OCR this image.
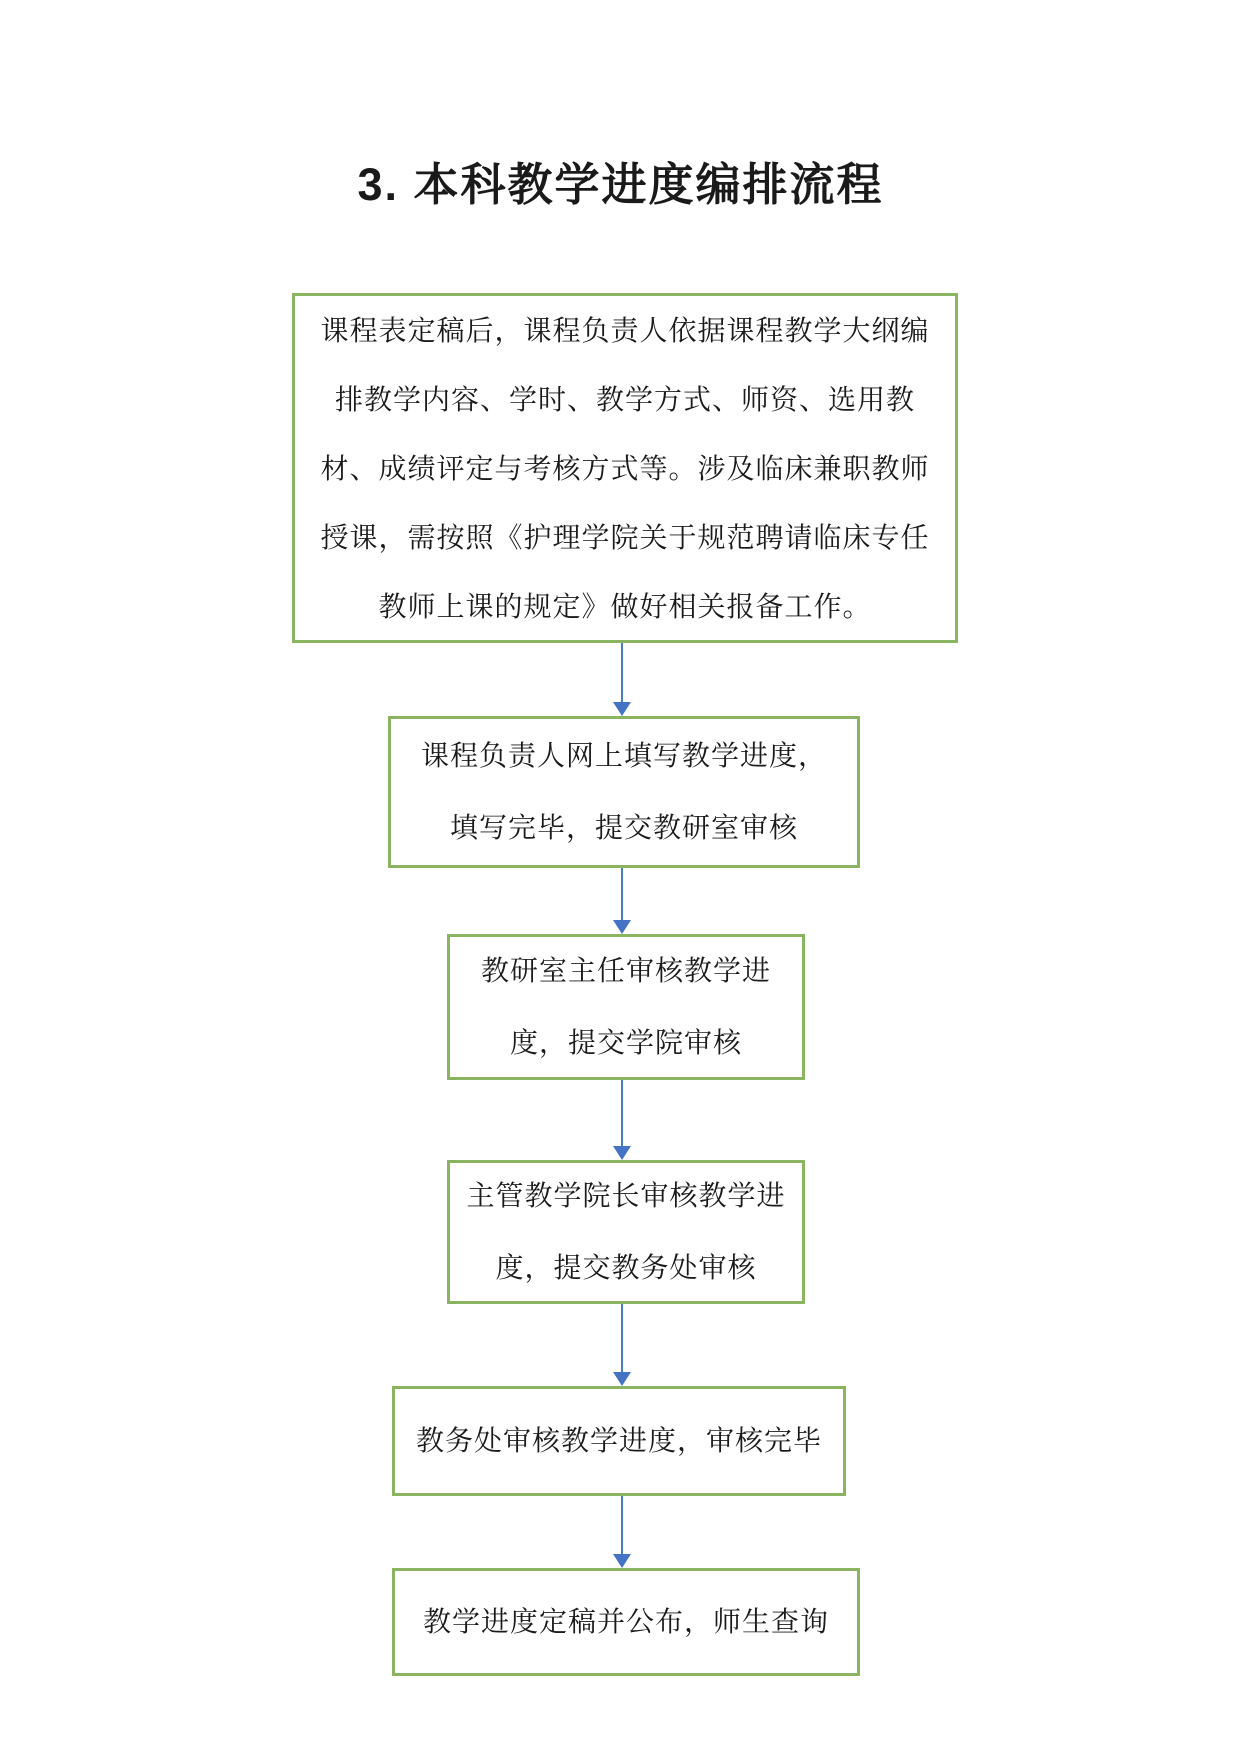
3. 本科教学进度编排流程
课程表定稿后，课程负责人依据课程教学大纲编
排教学内容、学时、教学方式、师资、选用教
材、成绩评定与考核方式等。涉及临床兼职教师
授课，需按照《护理学院关于规范聘请临床专任
教师上课的规定》做好相关报备工作。
课程负责人网上填写教学进度，
填写完毕，提交教研室审核
教研室主任审核教学进
度，提交学院审核
主管教学院长审核教学进
度，提交教务处审核
教务处审核教学进度，审核完毕
教学进度定稿并公布，师生查询
